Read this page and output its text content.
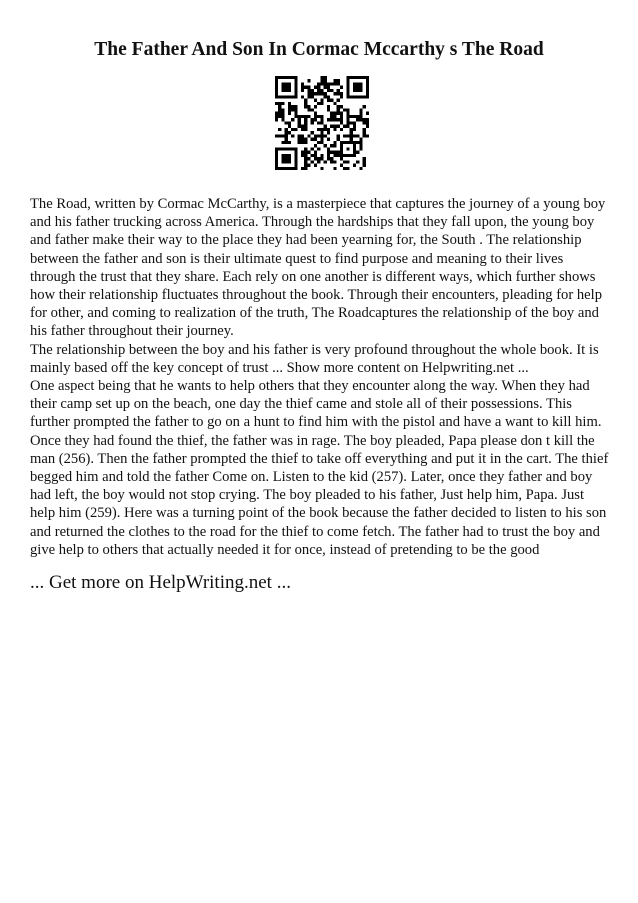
The Father And Son In Cormac Mccarthy s The Road

The Road, written by Cormac McCarthy, is a masterpiece that captures the journey of a young boy and his father trucking across America. Through the hardships that they fall upon, the young boy and father make their way to the place they had been yearning for, the South . The relationship between the father and son is their ultimate quest to find purpose and meaning to their lives through the trust that they share. Each rely on one another is different ways, which further shows how their relationship fluctuates throughout the book. Through their encounters, pleading for help for other, and coming to realization of the truth, The Roadcaptures the relationship of the boy and his father throughout their journey.

The relationship between the boy and his father is very profound throughout the whole book. It is mainly based off the key concept of trust ... Show more content on Helpwriting.net ...

One aspect being that he wants to help others that they encounter along the way. When they had their camp set up on the beach, one day the thief came and stole all of their possessions. This further prompted the father to go on a hunt to find him with the pistol and have a want to kill him. Once they had found the thief, the father was in rage. The boy pleaded, Papa please don t kill the man (256). Then the father prompted the thief to take off everything and put it in the cart. The thief begged him and told the father Come on. Listen to the kid (257). Later, once they father and boy had left, the boy would not stop crying. The boy pleaded to his father, Just help him, Papa. Just help him (259). Here was a turning point of the book because the father decided to listen to his son and returned the clothes to the road for the thief to come fetch. The father had to trust the boy and give help to others that actually needed it for once, instead of pretending to be the good

... Get more on HelpWriting.net ...
